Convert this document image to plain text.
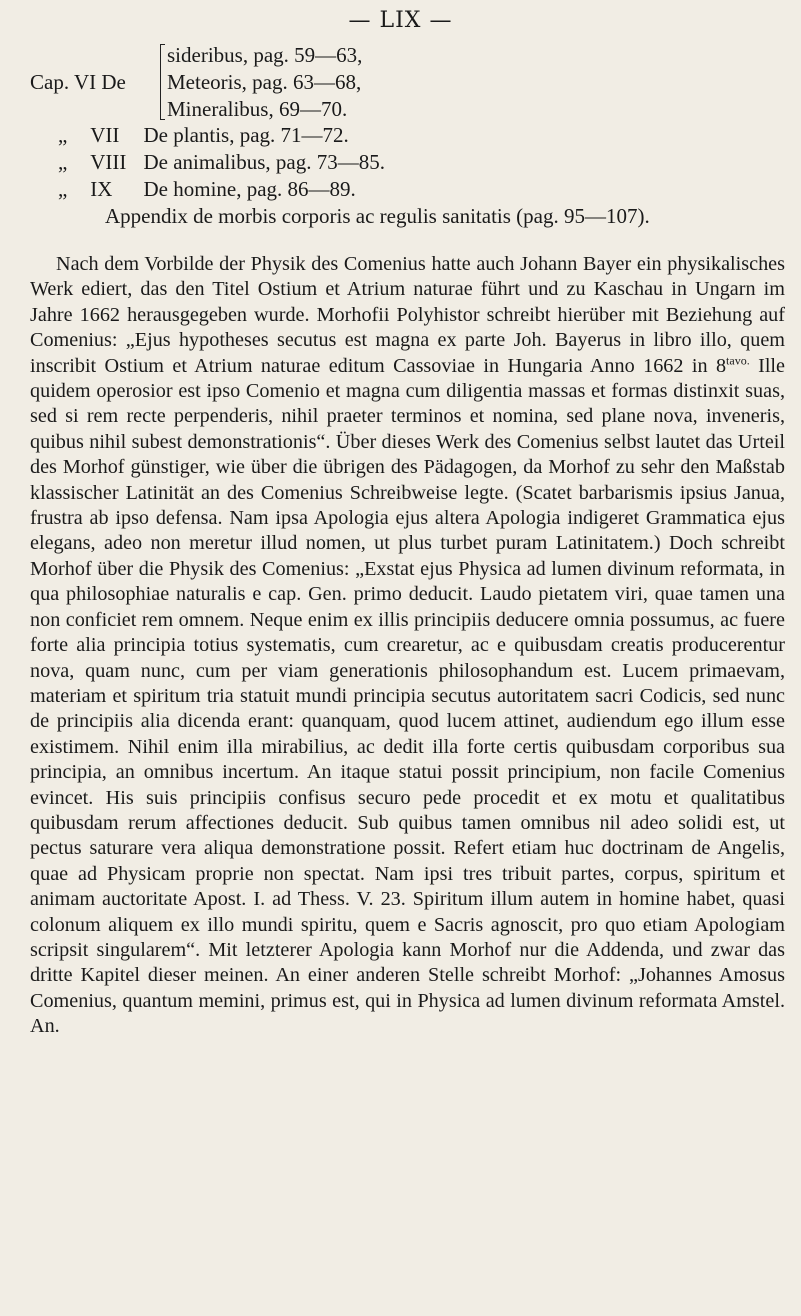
— LIX —
Cap. VI De
sideribus, pag. 59—63,
Meteoris, pag. 63—68,
Mineralibus, 69—70.
„ VII De plantis, pag. 71—72.
„ VIII De animalibus, pag. 73—85.
„ IX De homine, pag. 86—89.
Appendix de morbis corporis ac regulis sanitatis (pag. 95—107).
Nach dem Vorbilde der Physik des Comenius hatte auch Johann Bayer ein physikalisches Werk ediert, das den Titel Ostium et Atrium naturae führt und zu Kaschau in Ungarn im Jahre 1662 herausgegeben wurde. Morhofii Polyhistor schreibt hierüber mit Beziehung auf Comenius: „Ejus hypotheses secutus est magna ex parte Joh. Bayerus in libro illo, quem inscribit Ostium et Atrium naturae editum Cassoviae in Hungaria Anno 1662 in $8^{tavo.}$ Ille quidem operosior est ipso Comenio et magna cum diligentia massas et formas distinxit suas, sed si rem recte perpenderis, nihil praeter terminos et nomina, sed plane nova, inveneris, quibus nihil subest demonstrationis“. Über dieses Werk des Comenius selbst lautet das Urteil des Morhof günstiger, wie über die übrigen des Pädagogen, da Morhof zu sehr den Maßstab klassischer Latinität an des Comenius Schreibweise legte. (Scatet barbarismis ipsius Janua, frustra ab ipso defensa. Nam ipsa Apologia ejus altera Apologia indigeret Grammatica ejus elegans, adeo non meretur illud nomen, ut plus turbet puram Latinitatem.) Doch schreibt Morhof über die Physik des Comenius: „Exstat ejus Physica ad lumen divinum reformata, in qua philosophiae naturalis e cap. Gen. primo deducit. Laudo pietatem viri, quae tamen una non conficiet rem omnem. Neque enim ex illis principiis deducere omnia possumus, ac fuere forte alia principia totius systematis, cum crearetur, ac e quibusdam creatis producerentur nova, quam nunc, cum per viam generationis philosophandum est. Lucem primaevam, materiam et spiritum tria statuit mundi principia secutus autoritatem sacri Codicis, sed nunc de principiis alia dicenda erant: quanquam, quod lucem attinet, audiendum ego illum esse existimem. Nihil enim illa mirabilius, ac dedit illa forte certis quibusdam corporibus sua principia, an omnibus incertum. An itaque statui possit principium, non facile Comenius evincet. His suis principiis confisus securo pede procedit et ex motu et qualitatibus quibusdam rerum affectiones deducit. Sub quibus tamen omnibus nil adeo solidi est, ut pectus saturare vera aliqua demonstratione possit. Refert etiam huc doctrinam de Angelis, quae ad Physicam proprie non spectat. Nam ipsi tres tribuit partes, corpus, spiritum et animam auctoritate Apost. I. ad Thess. V. 23. Spiritum illum autem in homine habet, quasi colonum aliquem ex illo mundi spiritu, quem e Sacris agnoscit, pro quo etiam Apologiam scripsit singularem“. Mit letzterer Apologia kann Morhof nur die Addenda, und zwar das dritte Kapitel dieser meinen. An einer anderen Stelle schreibt Morhof: „Johannes Amosus Comenius, quantum memini, primus est, qui in Physica ad lumen divinum reformata Amstel. An.
